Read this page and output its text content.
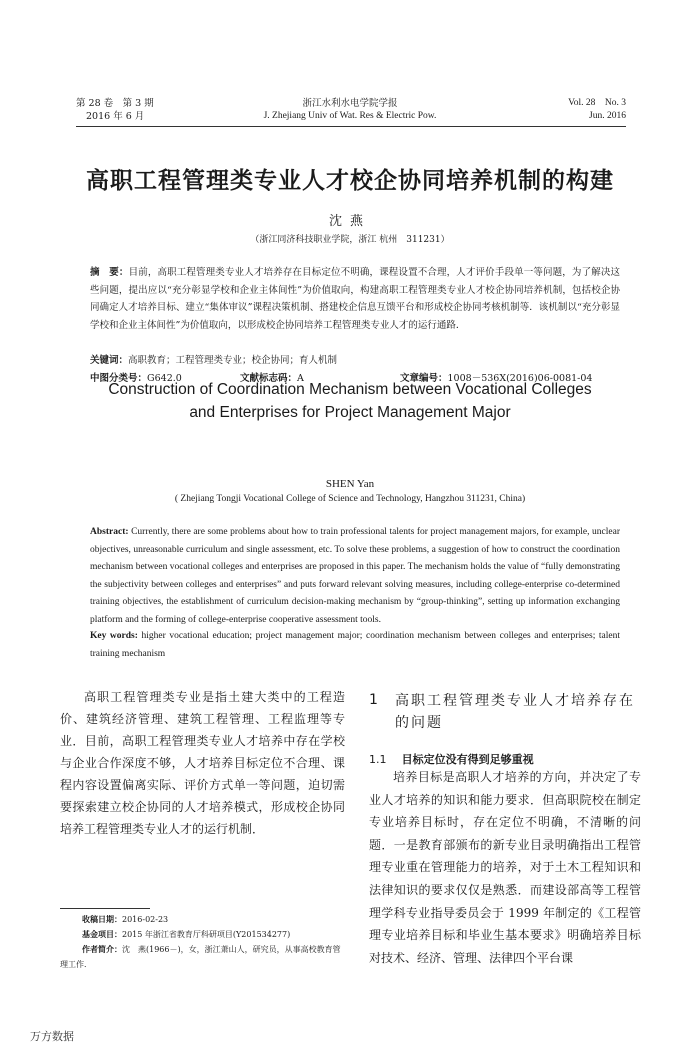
第 28 卷　第 3 期
2016 年 6 月
浙江水利水电学院学报
J. Zhejiang Univ of Wat. Res & Electric Pow.
Vol. 28　No. 3
Jun. 2016
高职工程管理类专业人才校企协同培养机制的构建
沈燕
（浙江同济科技职业学院，浙江 杭州　311231）
摘　要：目前，高职工程管理类专业人才培养存在目标定位不明确，课程设置不合理，人才评价手段单一等问题，为了解决这些问题，提出应以“充分彰显学校和企业主体间性”为价值取向，构建高职工程管理类专业人才校企协同培养机制，包括校企协同确定人才培养目标、建立“集体审议”课程决策机制、搭建校企信息互馈平台和形成校企协同考核机制等．该机制以“充分彰显学校和企业主体间性”为价值取向，以形成校企协同培养工程管理类专业人才的运行通路．
关键词：高职教育；工程管理类专业；校企协同；育人机制
中图分类号：G642.0	文献标志码：A	文章编号：1008－536X(2016)06-0081-04
Construction of Coordination Mechanism between Vocational Colleges
and Enterprises for Project Management Major
SHEN Yan
( Zhejiang Tongji Vocational College of Science and Technology, Hangzhou 311231, China)
Abstract: Currently, there are some problems about how to train professional talents for project management majors, for example, unclear objectives, unreasonable curriculum and single assessment, etc. To solve these problems, a suggestion of how to construct the coordination mechanism between vocational colleges and enterprises are proposed in this paper. The mechanism holds the value of “fully demonstrating the subjectivity between colleges and enterprises” and puts forward relevant solving measures, including college-enterprise co-determined training objectives, the establishment of curriculum decision-making mechanism by “group-thinking”, setting up information exchanging platform and the forming of college-enterprise cooperative assessment tools.
Key words: higher vocational education; project management major; coordination mechanism between colleges and enterprises; talent training mechanism
高职工程管理类专业是指土建大类中的工程造价、建筑经济管理、建筑工程管理、工程监理等专业．目前，高职工程管理类专业人才培养中存在学校与企业合作深度不够，人才培养目标定位不合理、课程内容设置偏离实际、评价方式单一等问题，迫切需要探索建立校企协同的人才培养模式，形成校企协同培养工程管理类专业人才的运行机制．
1 高职工程管理类专业人才培养存在的问题
1.1 目标定位没有得到足够重视
培养目标是高职人才培养的方向，并决定了专业人才培养的知识和能力要求．但高职院校在制定专业培养目标时，存在定位不明确，不清晰的问题．一是教育部颁布的新专业目录明确指出工程管理专业重在管理能力的培养，对于土木工程知识和法律知识的要求仅仅是熟悉．而建设部高等工程管理学科专业指导委员会于 1999 年制定的《工程管理专业培养目标和毕业生基本要求》明确培养目标对技术、经济、管理、法律四个平台课
收稿日期：2016-02-23
基金项目：2015 年浙江省教育厅科研项目(Y201534277)
作者简介：沈　燕(1966－)，女，浙江萧山人，研究员，从事高校教育管理工作．
万方数据
